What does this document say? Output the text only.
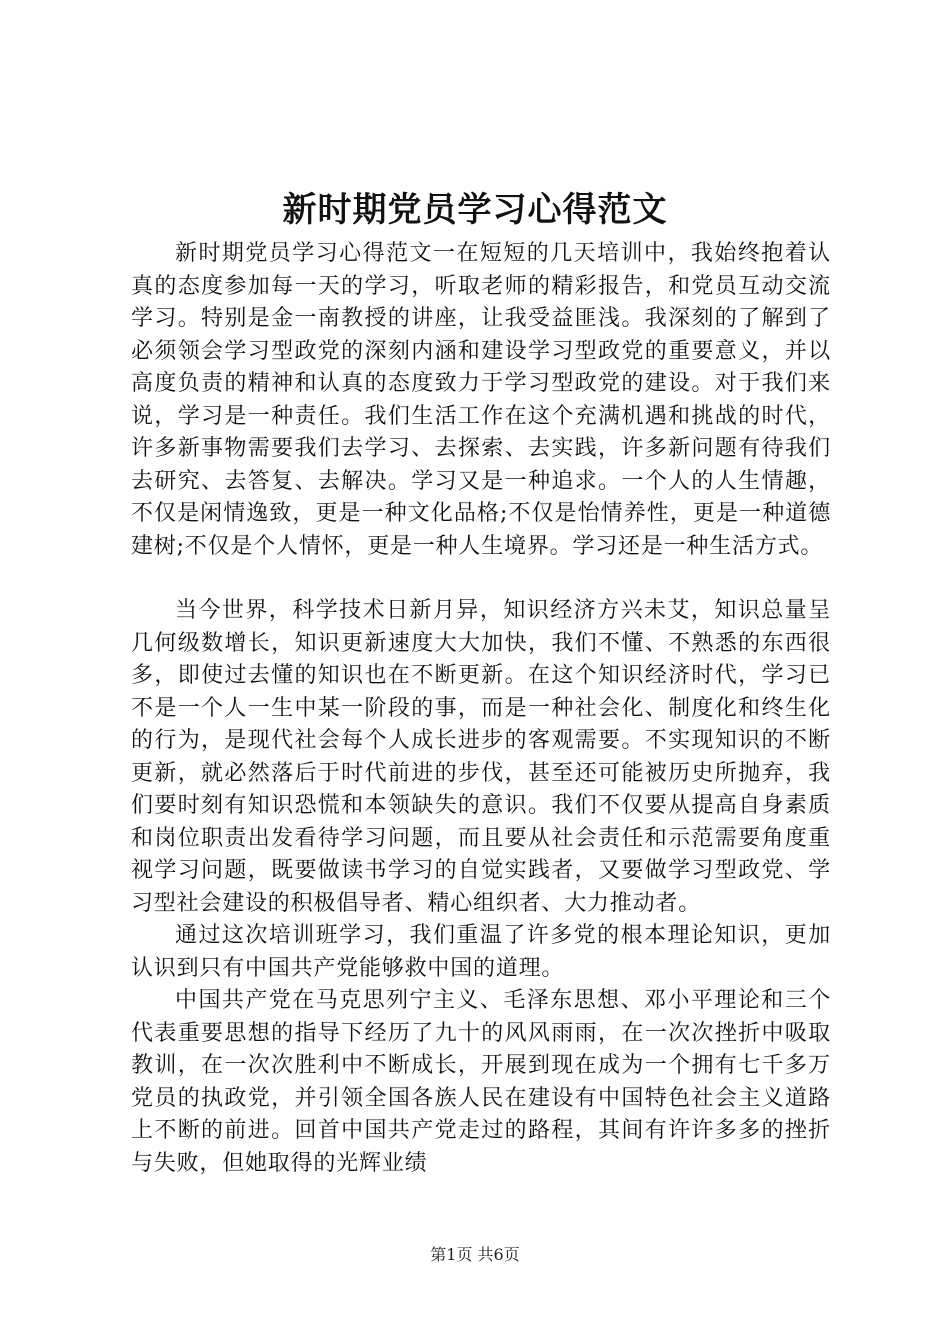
新时期党员学习心得范文

新时期党员学习心得范文一在短短的几天培训中，我始终抱着认真的态度参加每一天的学习，听取老师的精彩报告，和党员互动交流学习。特别是金一南教授的讲座，让我受益匪浅。我深刻的了解到了必须领会学习型政党的深刻内涵和建设学习型政党的重要意义，并以高度负责的精神和认真的态度致力于学习型政党的建设。对于我们来说，学习是一种责任。我们生活工作在这个充满机遇和挑战的时代，许多新事物需要我们去学习、去探索、去实践，许多新问题有待我们去研究、去答复、去解决。学习又是一种追求。一个人的人生情趣，不仅是闲情逸致，更是一种文化品格;不仅是怡情养性，更是一种道德建树;不仅是个人情怀，更是一种人生境界。学习还是一种生活方式。

当今世界，科学技术日新月异，知识经济方兴未艾，知识总量呈几何级数增长，知识更新速度大大加快，我们不懂、不熟悉的东西很多，即使过去懂的知识也在不断更新。在这个知识经济时代，学习已不是一个人一生中某一阶段的事，而是一种社会化、制度化和终生化的行为，是现代社会每个人成长进步的客观需要。不实现知识的不断更新，就必然落后于时代前进的步伐，甚至还可能被历史所抛弃，我们要时刻有知识恐慌和本领缺失的意识。我们不仅要从提高自身素质和岗位职责出发看待学习问题，而且要从社会责任和示范需要角度重视学习问题，既要做读书学习的自觉实践者，又要做学习型政党、学习型社会建设的积极倡导者、精心组织者、大力推动者。

通过这次培训班学习，我们重温了许多党的根本理论知识，更加认识到只有中国共产党能够救中国的道理。

中国共产党在马克思列宁主义、毛泽东思想、邓小平理论和三个代表重要思想的指导下经历了九十的风风雨雨，在一次次挫折中吸取教训，在一次次胜利中不断成长，开展到现在成为一个拥有七千多万党员的执政党，并引领全国各族人民在建设有中国特色社会主义道路上不断的前进。回首中国共产党走过的路程，其间有许许多多的挫折与失败，但她取得的光辉业绩

第1页 共6页
